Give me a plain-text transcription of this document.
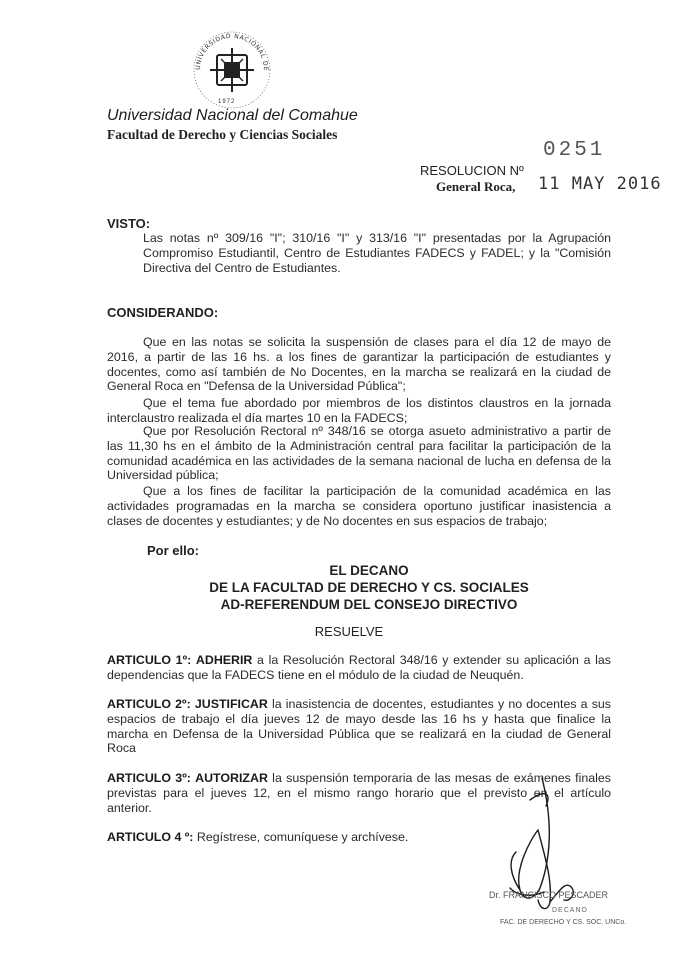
UNIVERSIDAD NACIONAL DE
1972
Universidad Nacional del Comahue
Facultad de Derecho y Ciencias Sociales
0251
RESOLUCION Nº
General Roca, 11 MAY 2016
VISTO:
Las notas nº 309/16 "I"; 310/16 "I" y 313/16 "I" presentadas por la Agrupación Compromiso Estudiantil, Centro de Estudiantes FADECS y FADEL; y la "Comisión Directiva del Centro de Estudiantes.
CONSIDERANDO:
Que en las notas se solicita la suspensión de clases para el día 12 de mayo de 2016, a partir de las 16 hs. a los fines de garantizar la participación de estudiantes y docentes, como así también de No Docentes, en la marcha se realizará en la ciudad de General Roca en "Defensa de la Universidad Pública";
Que el tema fue abordado por miembros de los distintos claustros en la jornada interclaustro realizada el día martes 10 en la FADECS;
Que por Resolución Rectoral nº 348/16 se otorga asueto administrativo a partir de las 11,30 hs en el ámbito de la Administración central para facilitar la participación de la comunidad académica en las actividades de la semana nacional de lucha en defensa de la Universidad pública;
Que a los fines de facilitar la participación de la comunidad académica en las actividades programadas en la marcha se considera oportuno justificar inasistencia a clases de docentes y estudiantes; y de No docentes en sus espacios de trabajo;
Por ello:
EL DECANO
DE LA FACULTAD DE DERECHO Y CS. SOCIALES
AD-REFERENDUM DEL CONSEJO DIRECTIVO
RESUELVE
ARTICULO 1º: ADHERIR a la Resolución Rectoral 348/16 y extender su aplicación a las dependencias que la FADECS tiene en el módulo de la ciudad de Neuquén.
ARTICULO 2º: JUSTIFICAR la inasistencia de docentes, estudiantes y no docentes a sus espacios de trabajo el día jueves 12 de mayo desde las 16 hs y hasta que finalice la marcha en Defensa de la Universidad Pública que se realizará en la ciudad de General Roca
ARTICULO 3º: AUTORIZAR la suspensión temporaria de las mesas de exámenes finales previstas para el jueves 12, en el mismo rango horario que el previsto en el artículo anterior.
ARTICULO 4 º: Regístrese, comuníquese y archívese.
Dr. FRANCISCO PESCADER
DECANO
FAC. DE DERECHO Y CS. SOC. UNCo.
